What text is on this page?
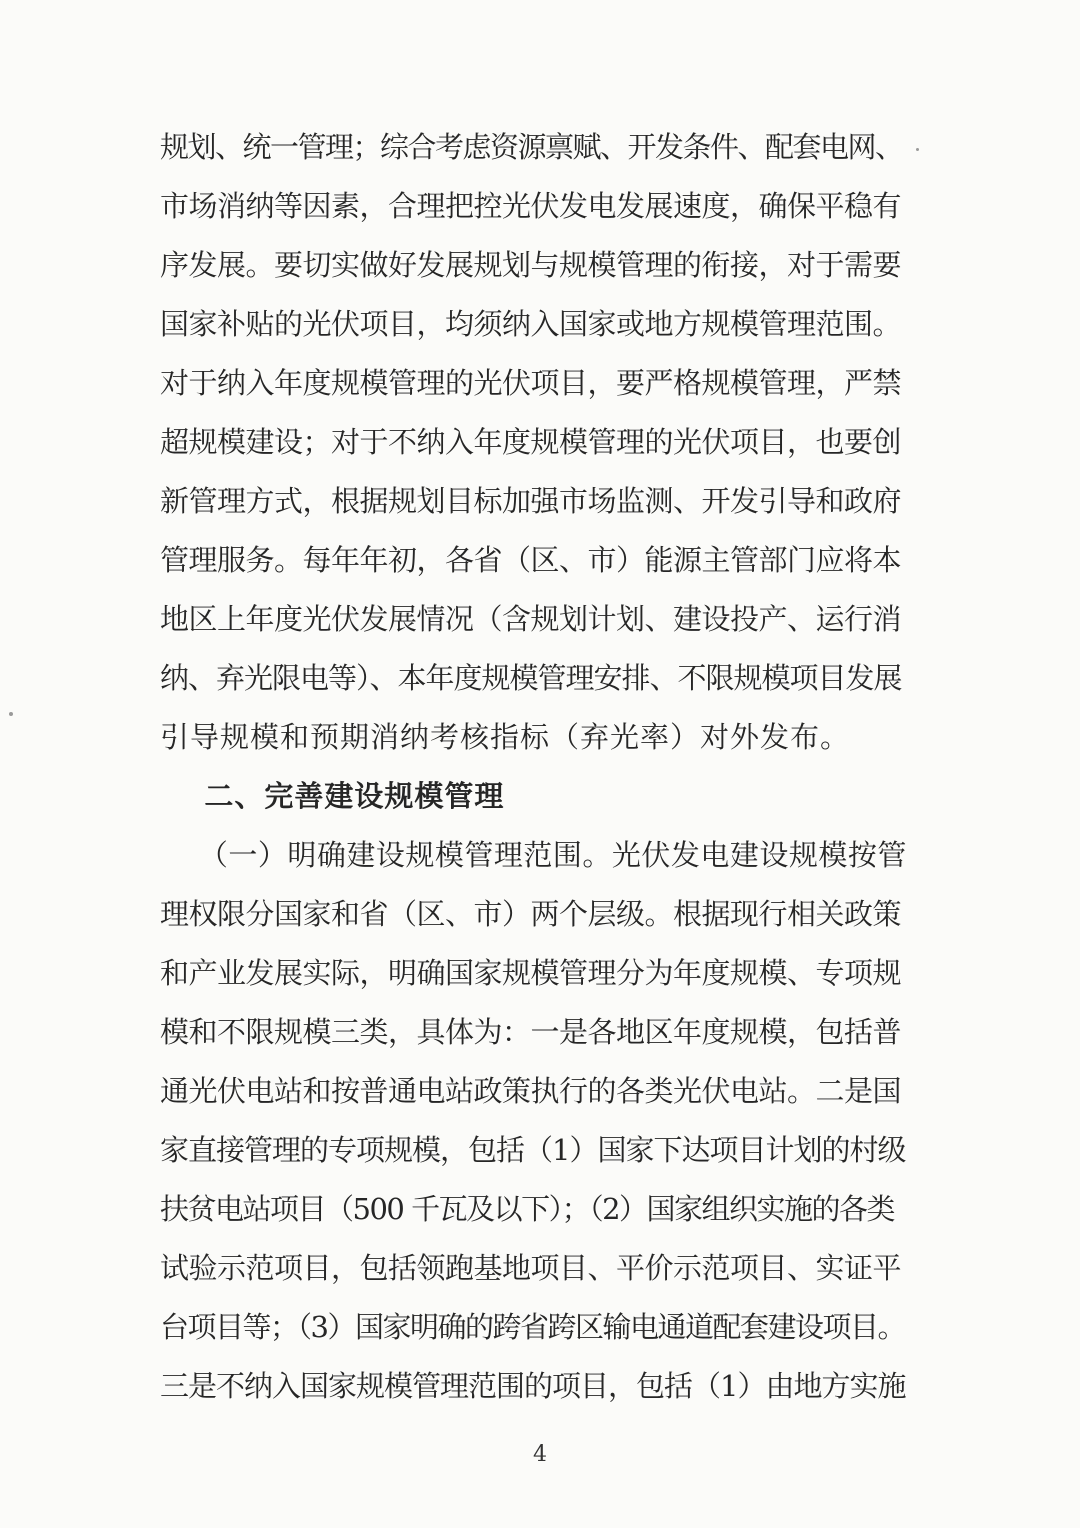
规划、统一管理；综合考虑资源禀赋、开发条件、配套电网、
市场消纳等因素，合理把控光伏发电发展速度，确保平稳有
序发展。要切实做好发展规划与规模管理的衔接，对于需要
国家补贴的光伏项目，均须纳入国家或地方规模管理范围。
对于纳入年度规模管理的光伏项目，要严格规模管理，严禁
超规模建设；对于不纳入年度规模管理的光伏项目，也要创
新管理方式，根据规划目标加强市场监测、开发引导和政府
管理服务。每年年初，各省（区、市）能源主管部门应将本
地区上年度光伏发展情况（含规划计划、建设投产、运行消
纳、弃光限电等）、本年度规模管理安排、不限规模项目发展
引导规模和预期消纳考核指标（弃光率）对外发布。
二、完善建设规模管理
（一）明确建设规模管理范围。光伏发电建设规模按管
理权限分国家和省（区、市）两个层级。根据现行相关政策
和产业发展实际，明确国家规模管理分为年度规模、专项规
模和不限规模三类，具体为：一是各地区年度规模，包括普
通光伏电站和按普通电站政策执行的各类光伏电站。二是国
家直接管理的专项规模，包括（1）国家下达项目计划的村级
扶贫电站项目（500 千瓦及以下）；（2）国家组织实施的各类
试验示范项目，包括领跑基地项目、平价示范项目、实证平
台项目等；（3）国家明确的跨省跨区输电通道配套建设项目。
三是不纳入国家规模管理范围的项目，包括（1）由地方实施
4
